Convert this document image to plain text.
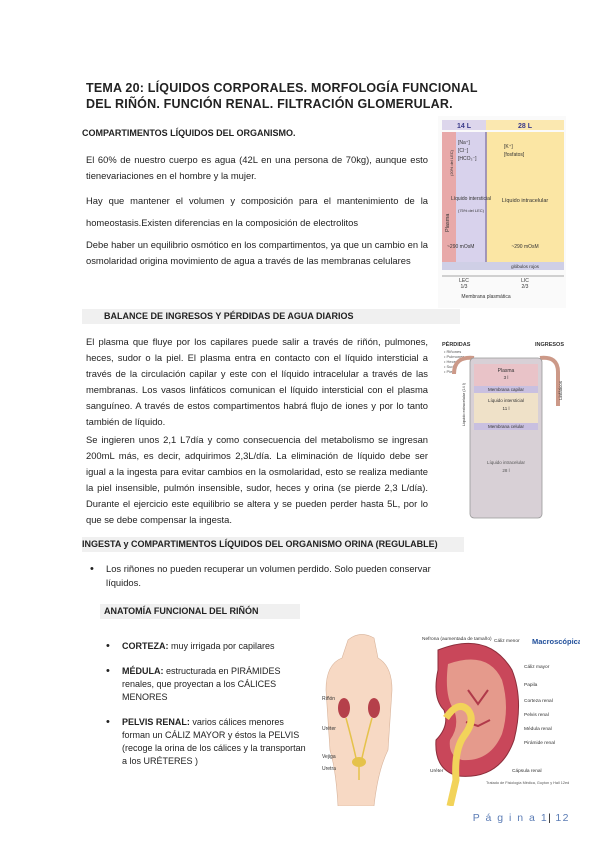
TEMA 20: LÍQUIDOS CORPORALES. MORFOLOGÍA FUNCIONAL DEL RIÑÓN. FUNCIÓN RENAL. FILTRACIÓN GLOMERULAR.
COMPARTIMENTOS LÍQUIDOS DEL ORGANISMO.
El 60% de nuestro cuerpo es agua (42L en una persona de 70kg), aunque esto tienevariaciones en el hombre y la mujer.
Hay que mantener el volumen y composición para el mantenimiento de la homeostasis.Existen diferencias en la composición de electrolitos
Debe haber un equilibrio osmótico en los compartimentos, ya que un cambio en la osmolaridad origina movimiento de agua a través de las membranas celulares
14 L	28 L
Plasma
(20% del LEC)
[Na⁺]
[Cl⁻]
[HCO₃⁻]
[K⁺]
[fosfatos]
Líquido intersticial
(75% del LEC)
Líquido intracelular
~290 mOsM	~290 mOsM
glóbulos rojos
LEC
1/3
LIC
2/3
Membrana plasmática
BALANCE DE INGRESOS Y PÉRDIDAS DE AGUA DIARIOS
El plasma que fluye por los capilares puede salir a través de riñón, pulmones, heces, sudor o la piel. El plasma entra en contacto con el líquido intersticial a través de la circulación capilar y este con el líquido intracelular a través de las membranas. Los vasos linfáticos comunican el líquido intersticial con el plasma sanguíneo. A través de estos compartimentos habrá flujo de iones y por lo tanto también de líquido.
Se ingieren unos 2,1 L7día y como consecuencia del metabolismo se ingresan 200mL más, es decir, adquirimos 2,3L/día. La eliminación de líquido debe ser igual a la ingesta para evitar cambios en la osmolaridad, esto se realiza mediante la piel insensible, pulmón insensible, sudor, heces y orina (se pierde 2,3 L/día). Durante el ejercicio este equilibrio se altera y se pueden perder hasta 5L, por lo que se debe compensar la ingesta.
PÉRDIDAS
• Riñones
• Pulmones
• Heces
• Sudor
• Piel
INGRESOS
Plasma
3 l
Membrana capilar
Líquido intersticial
11 l
Membrana celular
Líquido intracelular
28 l
Líquido extracelular (14 l)	Linfáticos
INGESTA y COMPARTIMENTOS LÍQUIDOS DEL ORGANISMO ORINA (REGULABLE)
• Los riñones no pueden recuperar un volumen perdido. Solo pueden conservar líquidos.
ANATOMÍA FUNCIONAL DEL RIÑÓN
• CORTEZA: muy irrigada por capilares
• MÉDULA: estructurada en PIRÁMIDES renales, que proyectan a los CÁLICES MENORES
• PELVIS RENAL: varios cálices menores forman un CÁLIZ MAYOR y éstos la PELVIS (recoge la orina de los cálices y la transportan a los URÉTERES )
Riñón
Uréter
Vejiga
Uretra
Nefrona (aumentada de tamaño) Cáliz menor Macroscópica
Cáliz mayor
Papila
Corteza renal
Pelvis renal
Médula renal
Pirámide renal
Uréter	Cápsula renal
Tratado de Fisiología Médica, Guyton y Hall 12ed
P á g i n a 1| 12
